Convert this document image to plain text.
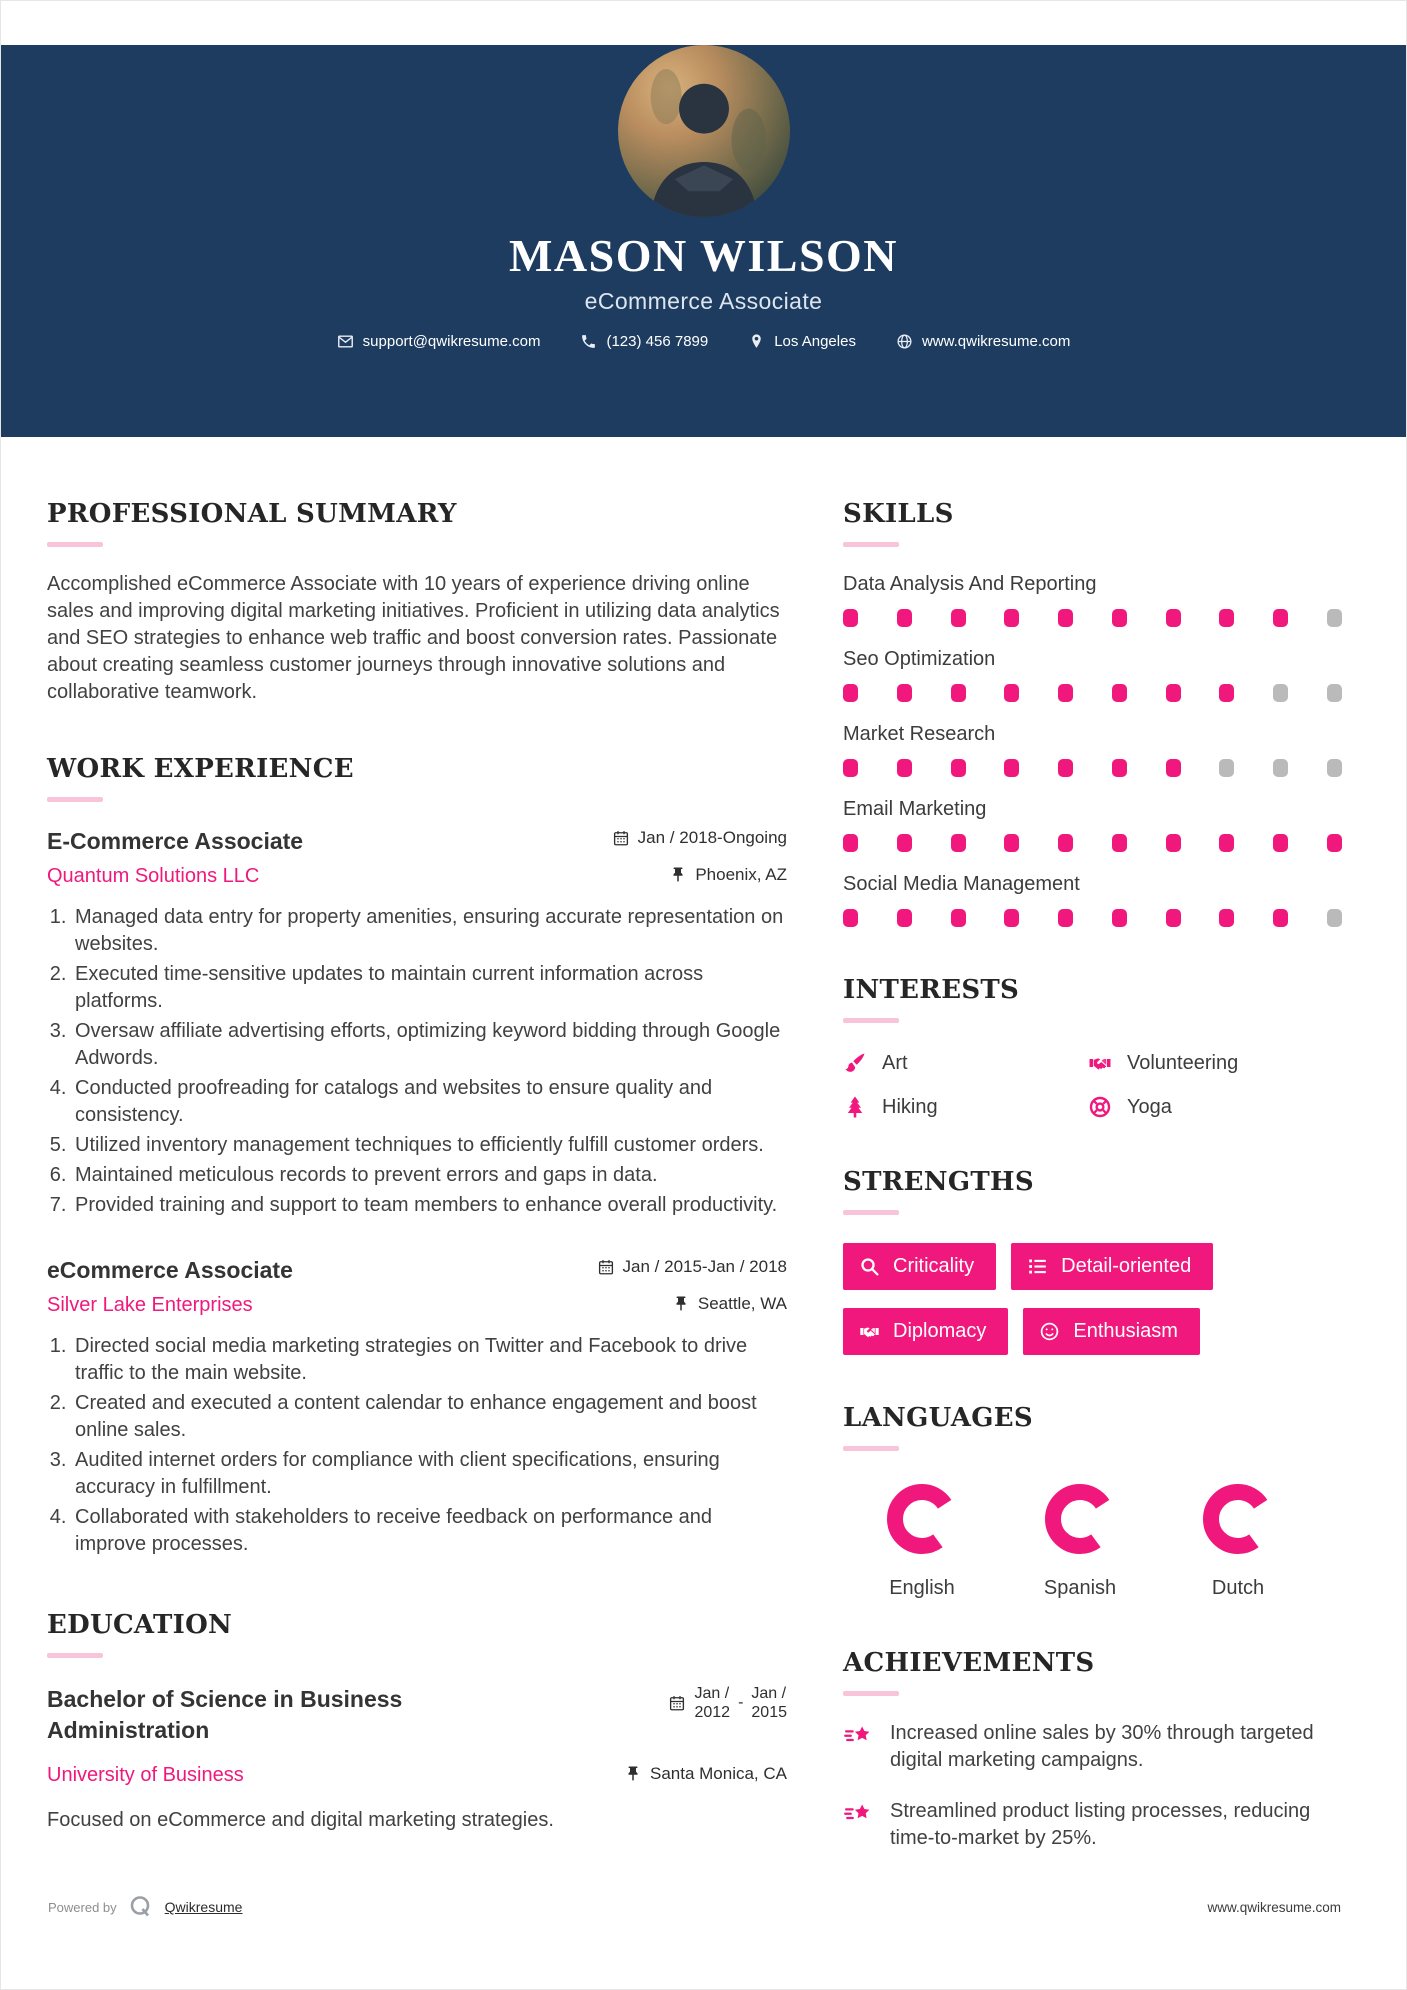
MASON WILSON
eCommerce Associate
support@qwikresume.com	(123) 456 7899	Los Angeles	www.qwikresume.com
PROFESSIONAL SUMMARY

Accomplished eCommerce Associate with 10 years of experience driving online sales and improving digital marketing initiatives. Proficient in utilizing data analytics and SEO strategies to enhance web traffic and boost conversion rates. Passionate about creating seamless customer journeys through innovative solutions and collaborative teamwork.

WORK EXPERIENCE
E-Commerce Associate	Jan / 2018-Ongoing
Quantum Solutions LLC	Phoenix, AZ
1. Managed data entry for property amenities, ensuring accurate representation on websites.
2. Executed time-sensitive updates to maintain current information across platforms.
3. Oversaw affiliate advertising efforts, optimizing keyword bidding through Google Adwords.
4. Conducted proofreading for catalogs and websites to ensure quality and consistency.
5. Utilized inventory management techniques to efficiently fulfill customer orders.
6. Maintained meticulous records to prevent errors and gaps in data.
7. Provided training and support to team members to enhance overall productivity.
eCommerce Associate	Jan / 2015-Jan / 2018
Silver Lake Enterprises	Seattle, WA
1. Directed social media marketing strategies on Twitter and Facebook to drive traffic to the main website.
2. Created and executed a content calendar to enhance engagement and boost online sales.
3. Audited internet orders for compliance with client specifications, ensuring accuracy in fulfillment.
4. Collaborated with stakeholders to receive feedback on performance and improve processes.
EDUCATION
Bachelor of Science in Business Administration
Jan /
2012
-
Jan /
2015
University of Business	Santa Monica, CA

Focused on eCommerce and digital marketing strategies.

SKILLS
Data Analysis And Reporting
Seo Optimization
Market Research
Email Marketing
Social Media Management
INTERESTS
Art	Volunteering
Hiking	Yoga
STRENGTHS
Criticality	Detail-oriented
Diplomacy	Enthusiasm
LANGUAGES
English	Spanish	Dutch
ACHIEVEMENTS
Increased online sales by 30% through targeted digital marketing campaigns.
Streamlined product listing processes, reducing time-to-market by 25%.
Powered by	Qwikresume	www.qwikresume.com
